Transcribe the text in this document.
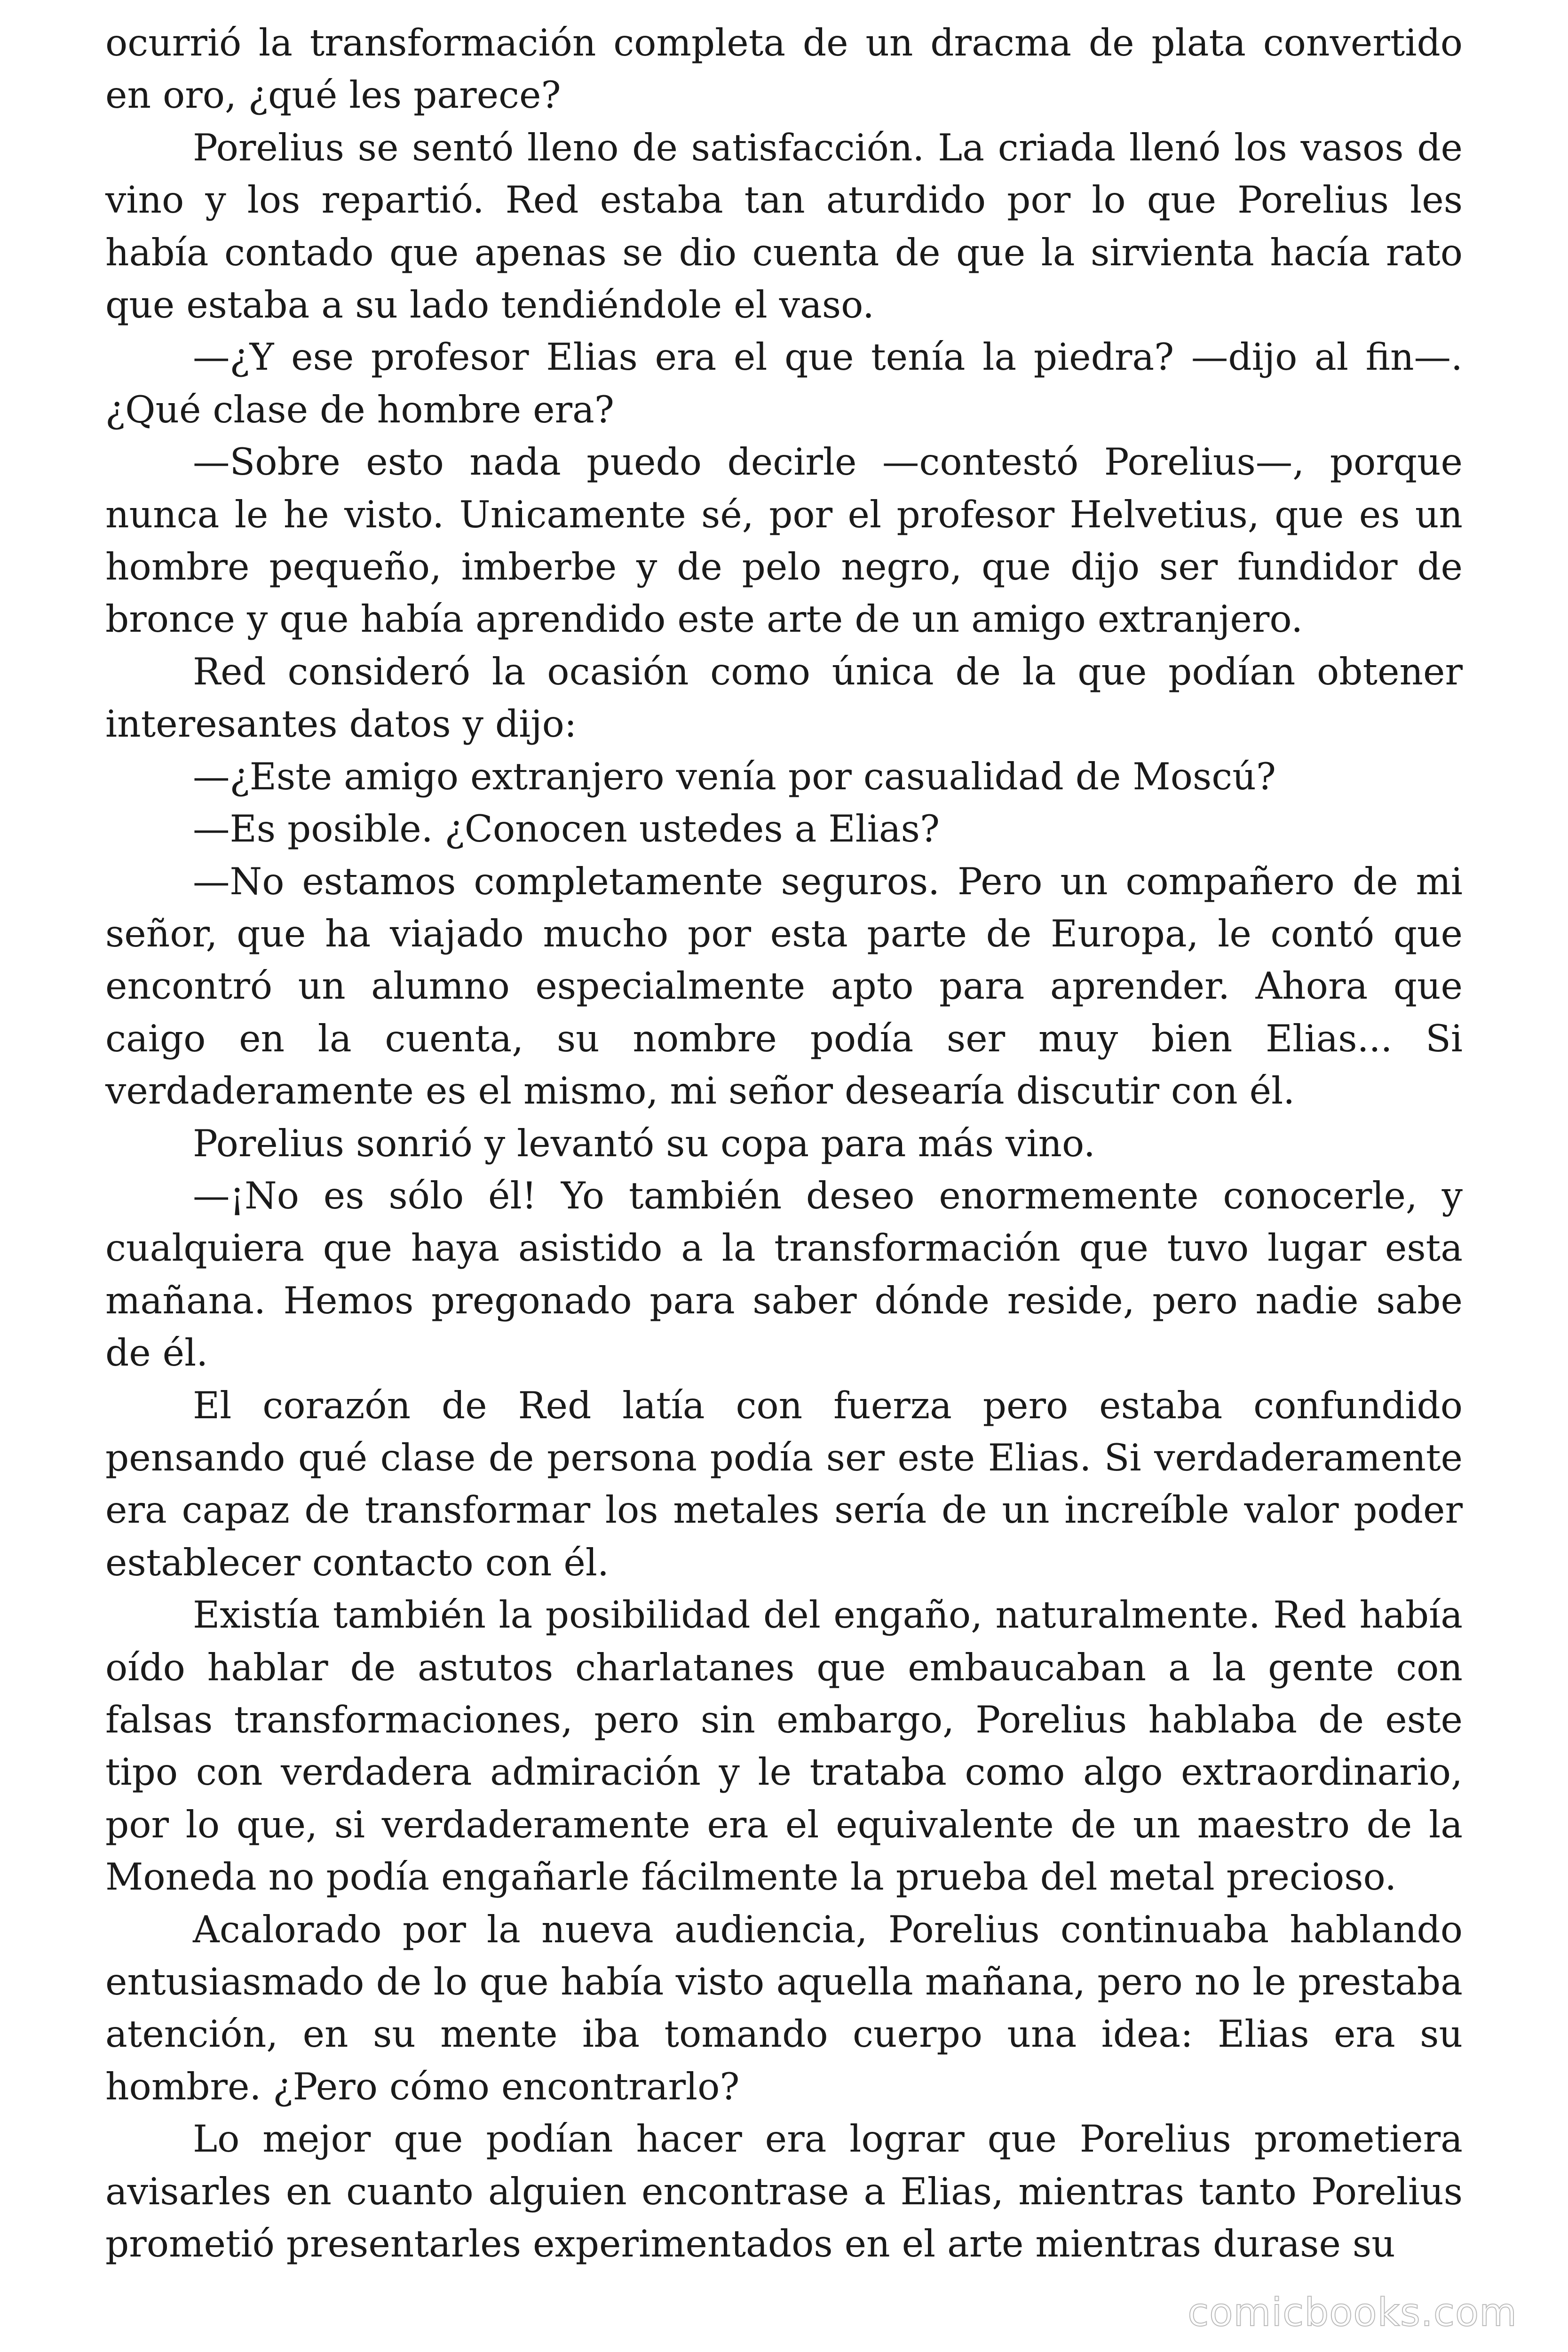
ocurrió la transformación completa de un dracma de plata convertido en oro, ¿qué les parece?

Porelius se sentó lleno de satisfacción. La criada llenó los vasos de vino y los repartió. Red estaba tan aturdido por lo que Porelius les había contado que apenas se dio cuenta de que la sirvienta hacía rato que estaba a su lado tendiéndole el vaso.

—¿Y ese profesor Elias era el que tenía la piedra? —dijo al fin—. ¿Qué clase de hombre era?

—Sobre esto nada puedo decirle —contestó Porelius—, porque nunca le he visto. Unicamente sé, por el profesor Helvetius, que es un hombre pequeño, imberbe y de pelo negro, que dijo ser fundidor de bronce y que había aprendido este arte de un amigo extranjero.

Red consideró la ocasión como única de la que podían obtener interesantes datos y dijo:

—¿Este amigo extranjero venía por casualidad de Moscú?

—Es posible. ¿Conocen ustedes a Elias?

—No estamos completamente seguros. Pero un compañero de mi señor, que ha viajado mucho por esta parte de Europa, le contó que encontró un alumno especialmente apto para aprender. Ahora que caigo en la cuenta, su nombre podía ser muy bien Elias... Si verdaderamente es el mismo, mi señor desearía discutir con él.

Porelius sonrió y levantó su copa para más vino.

—¡No es sólo él! Yo también deseo enormemente conocerle, y cualquiera que haya asistido a la transformación que tuvo lugar esta mañana. Hemos pregonado para saber dónde reside, pero nadie sabe de él.

El corazón de Red latía con fuerza pero estaba confundido pensando qué clase de persona podía ser este Elias. Si verdaderamente era capaz de transformar los metales sería de un increíble valor poder establecer contacto con él.

Existía también la posibilidad del engaño, naturalmente. Red había oído hablar de astutos charlatanes que embaucaban a la gente con falsas transformaciones, pero sin embargo, Porelius hablaba de este tipo con verdadera admiración y le trataba como algo extraordinario, por lo que, si verdaderamente era el equivalente de un maestro de la Moneda no podía engañarle fácilmente la prueba del metal precioso.

Acalorado por la nueva audiencia, Porelius continuaba hablando entusiasmado de lo que había visto aquella mañana, pero no le prestaba atención, en su mente iba tomando cuerpo una idea: Elias era su hombre. ¿Pero cómo encontrarlo?

Lo mejor que podían hacer era lograr que Porelius prometiera avisarles en cuanto alguien encontrase a Elias, mientras tanto Porelius prometió presentarles experimentados en el arte mientras durase su

comicbooks.com
